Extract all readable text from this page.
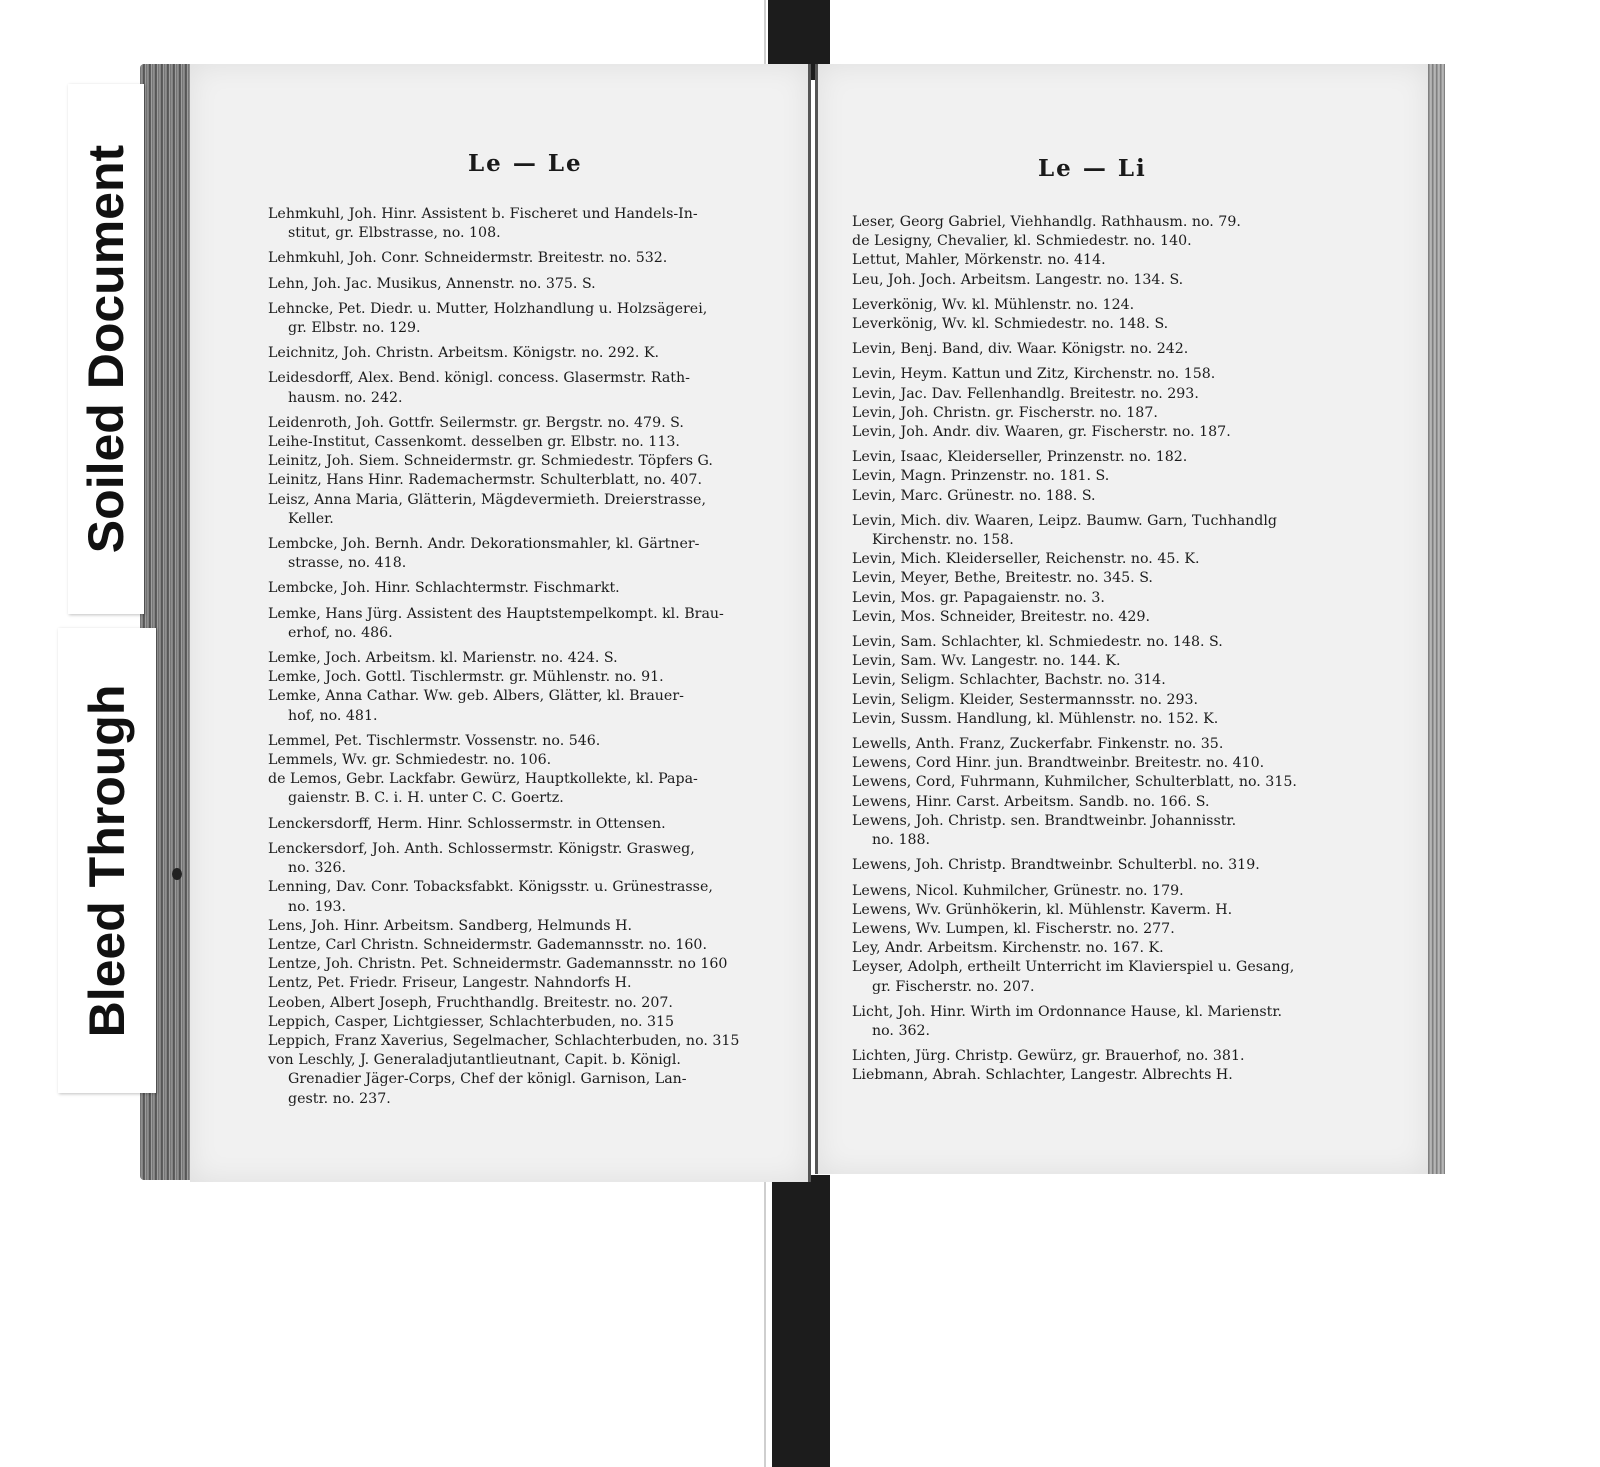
Soiled Document
Bleed Through
Le — Le	Le — Li
Lehmkuhl, Joh. Hinr. Assistent b. Fischeret und Handels-In-
stitut, gr. Elbstrasse, no. 108.
Lehmkuhl, Joh. Conr. Schneidermstr. Breitestr. no. 532.
Lehn, Joh. Jac. Musikus, Annenstr. no. 375. S.
Lehncke, Pet. Diedr. u. Mutter, Holzhandlung u. Holzsägerei,
gr. Elbstr. no. 129.
Leichnitz, Joh. Christn. Arbeitsm. Königstr. no. 292. K.
Leidesdorff, Alex. Bend. königl. concess. Glasermstr. Rath-
hausm. no. 242.
Leidenroth, Joh. Gottfr. Seilermstr. gr. Bergstr. no. 479. S.
Leihe-Institut, Cassenkomt. desselben gr. Elbstr. no. 113.
Leinitz, Joh. Siem. Schneidermstr. gr. Schmiedestr. Töpfers G.
Leinitz, Hans Hinr. Rademachermstr. Schulterblatt, no. 407.
Leisz, Anna Maria, Glätterin, Mägdevermieth. Dreierstrasse,
Keller.
Lembcke, Joh. Bernh. Andr. Dekorationsmahler, kl. Gärtner-
strasse, no. 418.
Lembcke, Joh. Hinr. Schlachtermstr. Fischmarkt.
Lemke, Hans Jürg. Assistent des Hauptstempelkompt. kl. Brau-
erhof, no. 486.
Lemke, Joch. Arbeitsm. kl. Marienstr. no. 424. S.
Lemke, Joch. Gottl. Tischlermstr. gr. Mühlenstr. no. 91.
Lemke, Anna Cathar. Ww. geb. Albers, Glätter, kl. Brauer-
hof, no. 481.
Lemmel, Pet. Tischlermstr. Vossenstr. no. 546.
Lemmels, Wv. gr. Schmiedestr. no. 106.
de Lemos, Gebr. Lackfabr. Gewürz, Hauptkollekte, kl. Papa-
gaienstr. B. C. i. H. unter C. C. Goertz.
Lenckersdorff, Herm. Hinr. Schlossermstr. in Ottensen.
Lenckersdorf, Joh. Anth. Schlossermstr. Königstr. Grasweg,
no. 326.
Lenning, Dav. Conr. Tobacksfabkt. Königsstr. u. Grünestrasse,
no. 193.
Lens, Joh. Hinr. Arbeitsm. Sandberg, Helmunds H.
Lentze, Carl Christn. Schneidermstr. Gademannsstr. no. 160.
Lentze, Joh. Christn. Pet. Schneidermstr. Gademannsstr. no 160
Lentz, Pet. Friedr. Friseur, Langestr. Nahndorfs H.
Leoben, Albert Joseph, Fruchthandlg. Breitestr. no. 207.
Leppich, Casper, Lichtgiesser, Schlachterbuden, no. 315
Leppich, Franz Xaverius, Segelmacher, Schlachterbuden, no. 315
von Leschly, J. Generaladjutantlieutnant, Capit. b. Königl.
Grenadier Jäger-Corps, Chef der königl. Garnison, Lan-
gestr. no. 237.
Leser, Georg Gabriel, Viehhandlg. Rathhausm. no. 79.
de Lesigny, Chevalier, kl. Schmiedestr. no. 140.
Lettut, Mahler, Mörkenstr. no. 414.
Leu, Joh. Joch. Arbeitsm. Langestr. no. 134. S.
Leverkönig, Wv. kl. Mühlenstr. no. 124.
Leverkönig, Wv. kl. Schmiedestr. no. 148. S.
Levin, Benj. Band, div. Waar. Königstr. no. 242.
Levin, Heym. Kattun und Zitz, Kirchenstr. no. 158.
Levin, Jac. Dav. Fellenhandlg. Breitestr. no. 293.
Levin, Joh. Christn. gr. Fischerstr. no. 187.
Levin, Joh. Andr. div. Waaren, gr. Fischerstr. no. 187.
Levin, Isaac, Kleiderseller, Prinzenstr. no. 182.
Levin, Magn. Prinzenstr. no. 181. S.
Levin, Marc. Grünestr. no. 188. S.
Levin, Mich. div. Waaren, Leipz. Baumw. Garn, Tuchhandlg
Kirchenstr. no. 158.
Levin, Mich. Kleiderseller, Reichenstr. no. 45. K.
Levin, Meyer, Bethe, Breitestr. no. 345. S.
Levin, Mos. gr. Papagaienstr. no. 3.
Levin, Mos. Schneider, Breitestr. no. 429.
Levin, Sam. Schlachter, kl. Schmiedestr. no. 148. S.
Levin, Sam. Wv. Langestr. no. 144. K.
Levin, Seligm. Schlachter, Bachstr. no. 314.
Levin, Seligm. Kleider, Sestermannsstr. no. 293.
Levin, Sussm. Handlung, kl. Mühlenstr. no. 152. K.
Lewells, Anth. Franz, Zuckerfabr. Finkenstr. no. 35.
Lewens, Cord Hinr. jun. Brandtweinbr. Breitestr. no. 410.
Lewens, Cord, Fuhrmann, Kuhmilcher, Schulterblatt, no. 315.
Lewens, Hinr. Carst. Arbeitsm. Sandb. no. 166. S.
Lewens, Joh. Christp. sen. Brandtweinbr. Johannisstr.
no. 188.
Lewens, Joh. Christp. Brandtweinbr. Schulterbl. no. 319.
Lewens, Nicol. Kuhmilcher, Grünestr. no. 179.
Lewens, Wv. Grünhökerin, kl. Mühlenstr. Kaverm. H.
Lewens, Wv. Lumpen, kl. Fischerstr. no. 277.
Ley, Andr. Arbeitsm. Kirchenstr. no. 167. K.
Leyser, Adolph, ertheilt Unterricht im Klavierspiel u. Gesang,
gr. Fischerstr. no. 207.
Licht, Joh. Hinr. Wirth im Ordonnance Hause, kl. Marienstr.
no. 362.
Lichten, Jürg. Christp. Gewürz, gr. Brauerhof, no. 381.
Liebmann, Abrah. Schlachter, Langestr. Albrechts H.
